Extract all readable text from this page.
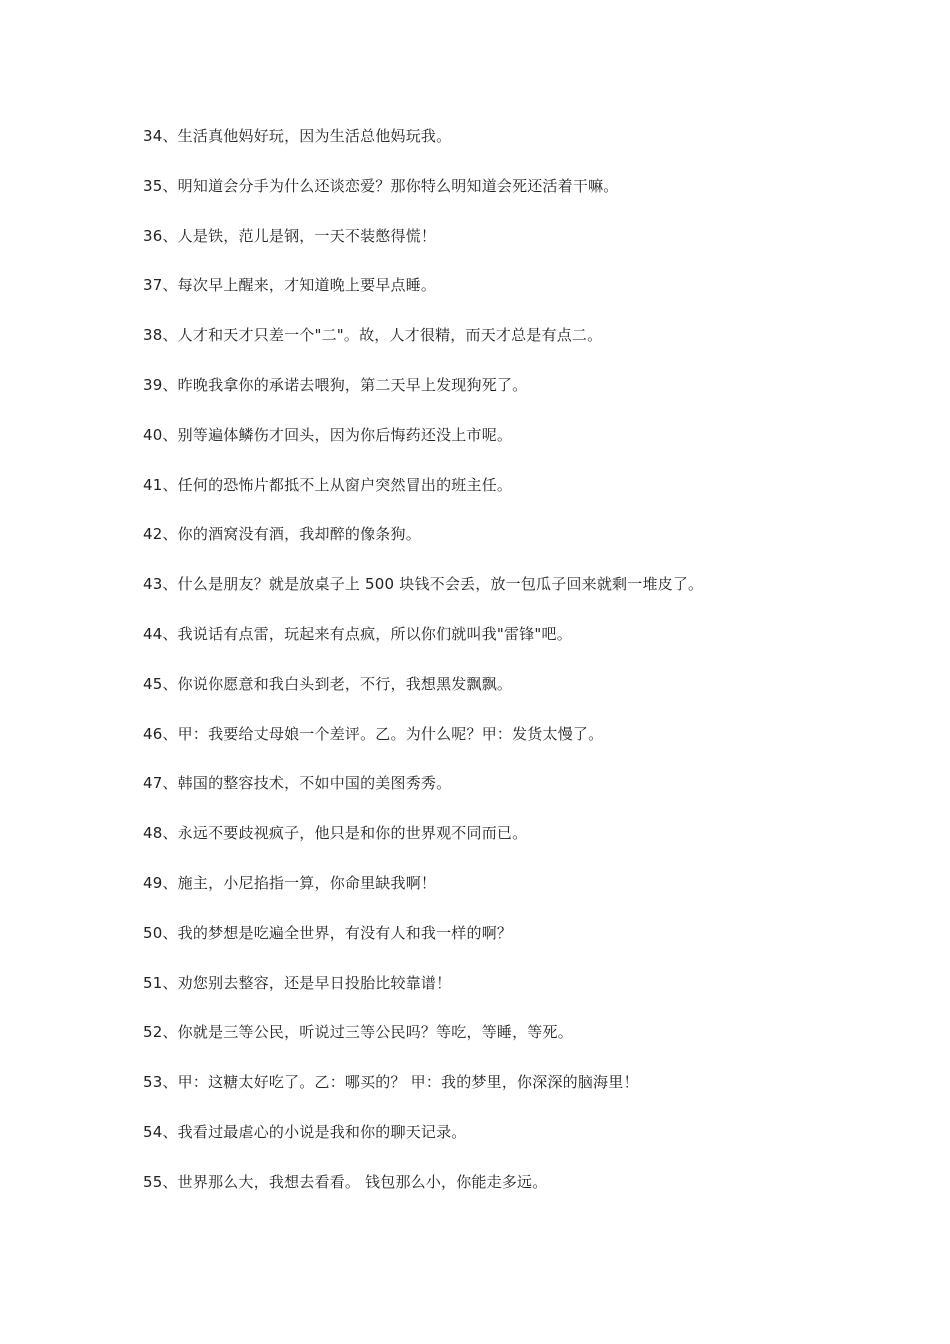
34、生活真他妈好玩，因为生活总他妈玩我。
35、明知道会分手为什么还谈恋爱？那你特么明知道会死还活着干嘛。
36、人是铁，范儿是钢，一天不装憋得慌！
37、每次早上醒来，才知道晚上要早点睡。
38、人才和天才只差一个"二"。故，人才很精，而天才总是有点二。
39、昨晚我拿你的承诺去喂狗，第二天早上发现狗死了。
40、别等遍体鳞伤才回头，因为你后悔药还没上市呢。
41、任何的恐怖片都抵不上从窗户突然冒出的班主任。
42、你的酒窝没有酒，我却醉的像条狗。
43、什么是朋友？就是放桌子上 500 块钱不会丢，放一包瓜子回来就剩一堆皮了。
44、我说话有点雷，玩起来有点疯，所以你们就叫我"雷锋"吧。
45、你说你愿意和我白头到老，不行，我想黑发飘飘。
46、甲：我要给丈母娘一个差评。乙。为什么呢？甲：发货太慢了。
47、韩国的整容技术，不如中国的美图秀秀。
48、永远不要歧视疯子，他只是和你的世界观不同而已。
49、施主，小尼掐指一算，你命里缺我啊！
50、我的梦想是吃遍全世界，有没有人和我一样的啊？
51、劝您别去整容，还是早日投胎比较靠谱！
52、你就是三等公民，听说过三等公民吗？等吃，等睡，等死。
53、甲：这糖太好吃了。乙：哪买的？ 甲：我的梦里，你深深的脑海里！
54、我看过最虐心的小说是我和你的聊天记录。
55、世界那么大，我想去看看。 钱包那么小，你能走多远。
